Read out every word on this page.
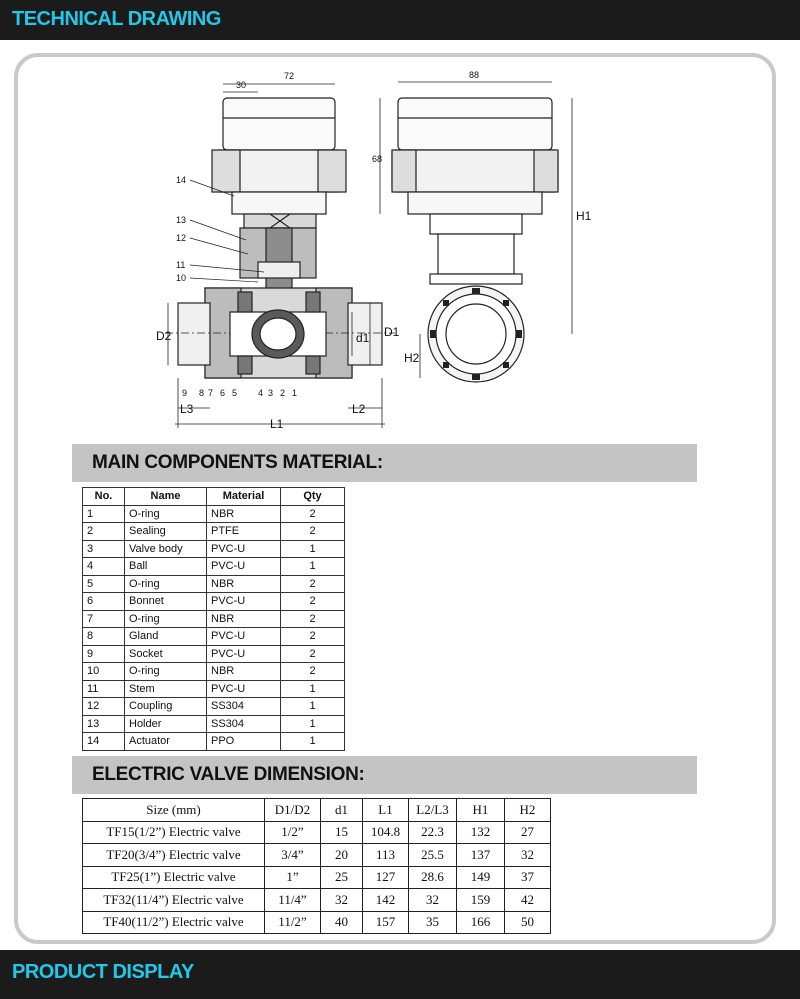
TECHNICAL DRAWING
30
72	88
68
H1
H2
D2	D1
d1
L1
L3	L2
14
13
12
11
10
9 8 7 6 5 4 3 2 1
MAIN COMPONENTS MATERIAL:
No.	Name	Material	Qty
1	O-ring	NBR	2
2	Sealing	PTFE	2
3	Valve body	PVC-U	1
4	Ball	PVC-U	1
5	O-ring	NBR	2
6	Bonnet	PVC-U	2
7	O-ring	NBR	2
8	Gland	PVC-U	2
9	Socket	PVC-U	2
10	O-ring	NBR	2
11	Stem	PVC-U	1
12	Coupling	SS304	1
13	Holder	SS304	1
14	Actuator	PPO	1
ELECTRIC VALVE DIMENSION:
Size (mm)	D1/D2	d1	L1	L2/L3	H1	H2
TF15(1/2”) Electric valve	1/2”	15	104.8	22.3	132	27
TF20(3/4”) Electric valve	3/4”	20	113	25.5	137	32
TF25(1”) Electric valve	1”	25	127	28.6	149	37
TF32(11/4”) Electric valve	11/4”	32	142	32	159	42
TF40(11/2”) Electric valve	11/2”	40	157	35	166	50
PRODUCT DISPLAY
